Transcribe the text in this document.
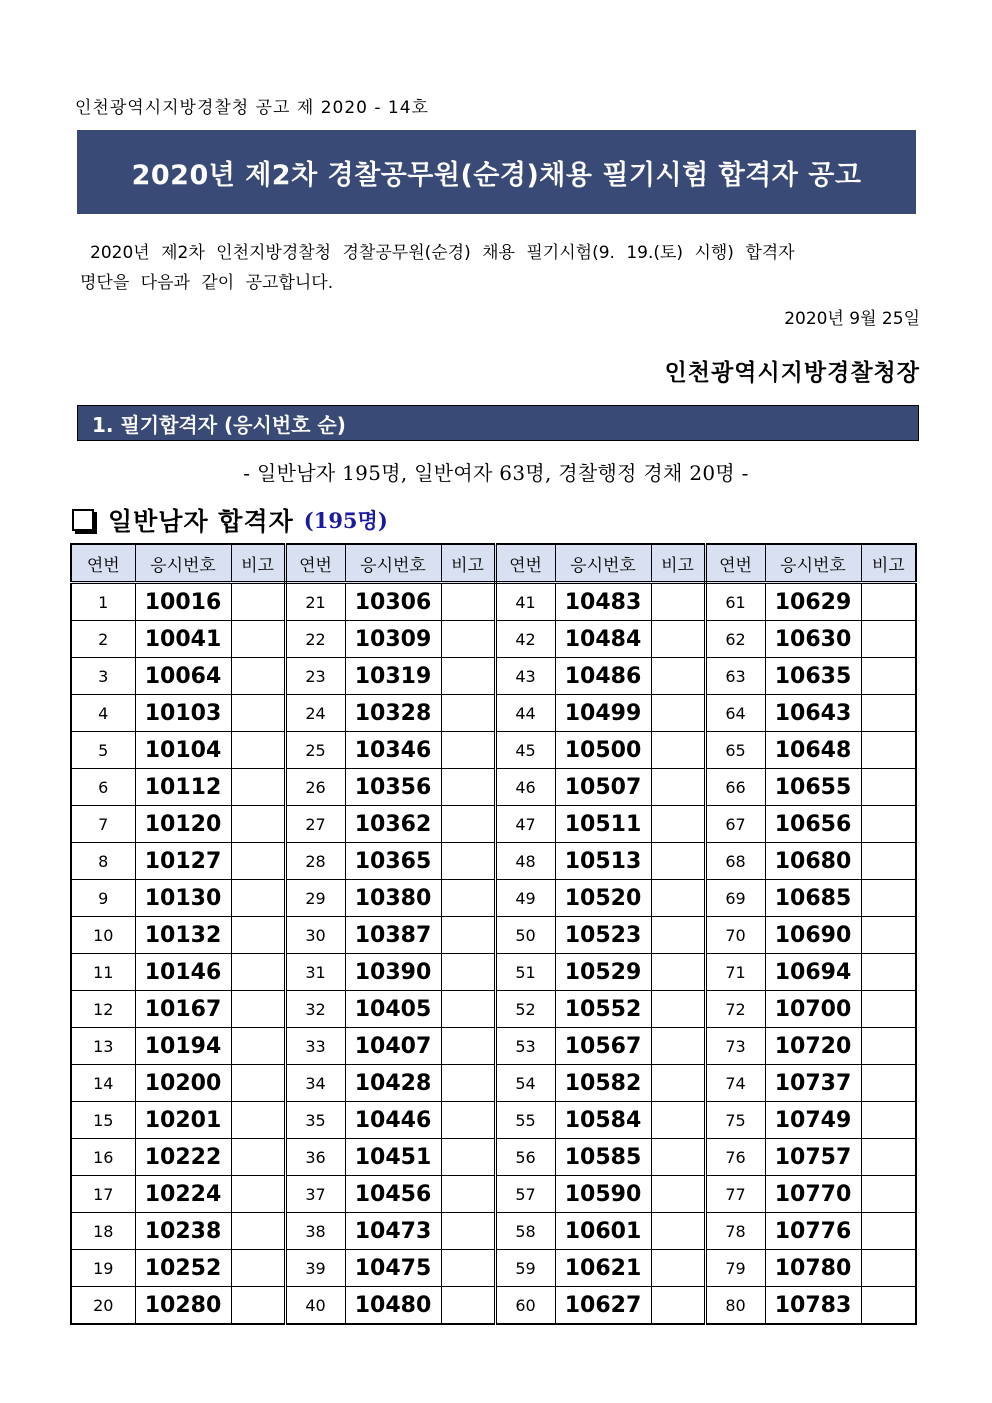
인천광역시지방경찰청 공고 제 2020 - 14호
2020년 제2차 경찰공무원(순경)채용 필기시험 합격자 공고
2020년 제2차 인천지방경찰청 경찰공무원(순경) 채용 필기시험(9. 19.(토) 시행) 합격자
명단을 다음과 같이 공고합니다.
2020년 9월 25일
인천광역시지방경찰청장
1. 필기합격자 (응시번호 순)
- 일반남자 195명, 일반여자 63명, 경찰행정 경채 20명 -
일반남자 합격자 (195명)
연번	응시번호	비고	연번	응시번호	비고	연번	응시번호	비고	연번	응시번호	비고
1	10016		21	10306		41	10483		61	10629	
2	10041		22	10309		42	10484		62	10630	
3	10064		23	10319		43	10486		63	10635	
4	10103		24	10328		44	10499		64	10643	
5	10104		25	10346		45	10500		65	10648	
6	10112		26	10356		46	10507		66	10655	
7	10120		27	10362		47	10511		67	10656	
8	10127		28	10365		48	10513		68	10680	
9	10130		29	10380		49	10520		69	10685	
10	10132		30	10387		50	10523		70	10690	
11	10146		31	10390		51	10529		71	10694	
12	10167		32	10405		52	10552		72	10700	
13	10194		33	10407		53	10567		73	10720	
14	10200		34	10428		54	10582		74	10737	
15	10201		35	10446		55	10584		75	10749	
16	10222		36	10451		56	10585		76	10757	
17	10224		37	10456		57	10590		77	10770	
18	10238		38	10473		58	10601		78	10776	
19	10252		39	10475		59	10621		79	10780	
20	10280		40	10480		60	10627		80	10783	
